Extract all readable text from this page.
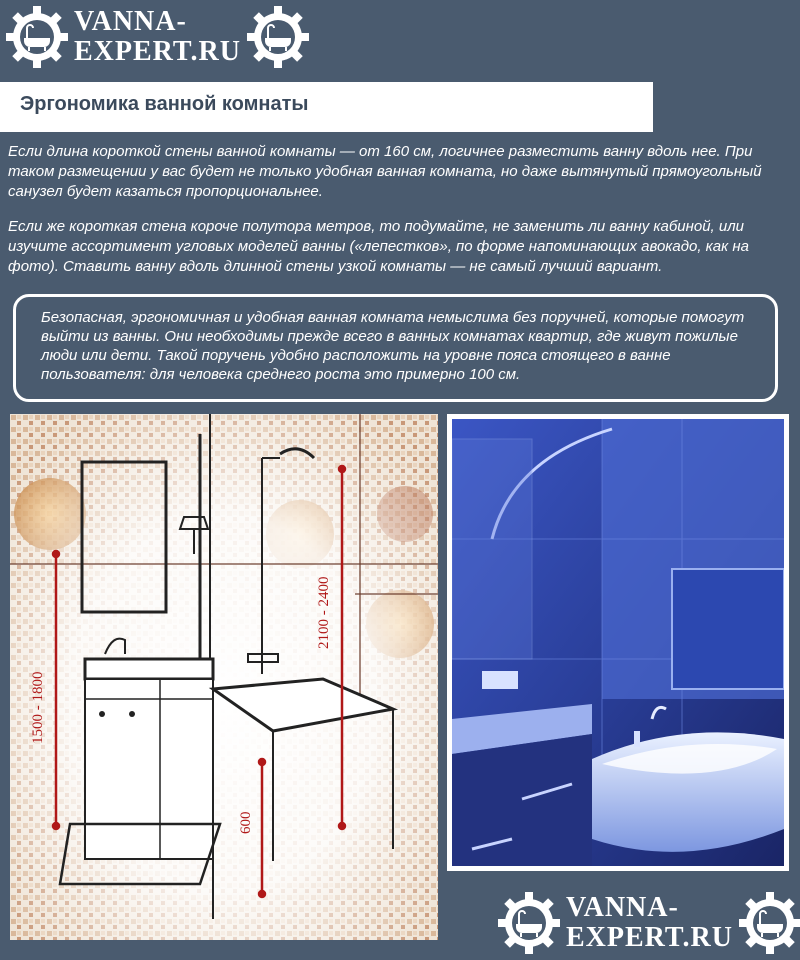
VANNA-
EXPERT.RU
Эргономика ванной комнаты

Если длина короткой стены ванной комнаты — от 160 см, логичнее разместить ванну вдоль нее. При таком размещении у вас будет не только удобная ванная комната, но даже вытянутый прямоугольный санузел будет казаться пропорциональнее.

Если же короткая стена короче полутора метров, то подумайте, не заменить ли ванну кабиной, или изучите ассортимент угловых моделей ванны («лепестков», по форме напоминающих авокадо, как на фото). Ставить ванну вдоль длинной стены узкой комнаты — не самый лучший вариант.

Безопасная, эргономичная и удобная ванная комната немыслима без поручней, которые помогут выйти из ванны. Они необходимы прежде всего в ванных комнатах квартир, где живут пожилые люди или дети. Такой поручень удобно расположить на уровне пояса стоящего в ванне пользователя: для человека среднего роста это примерно 100 см.
1500 - 1800
2100 - 2400
600
VANNA-
EXPERT.RU
